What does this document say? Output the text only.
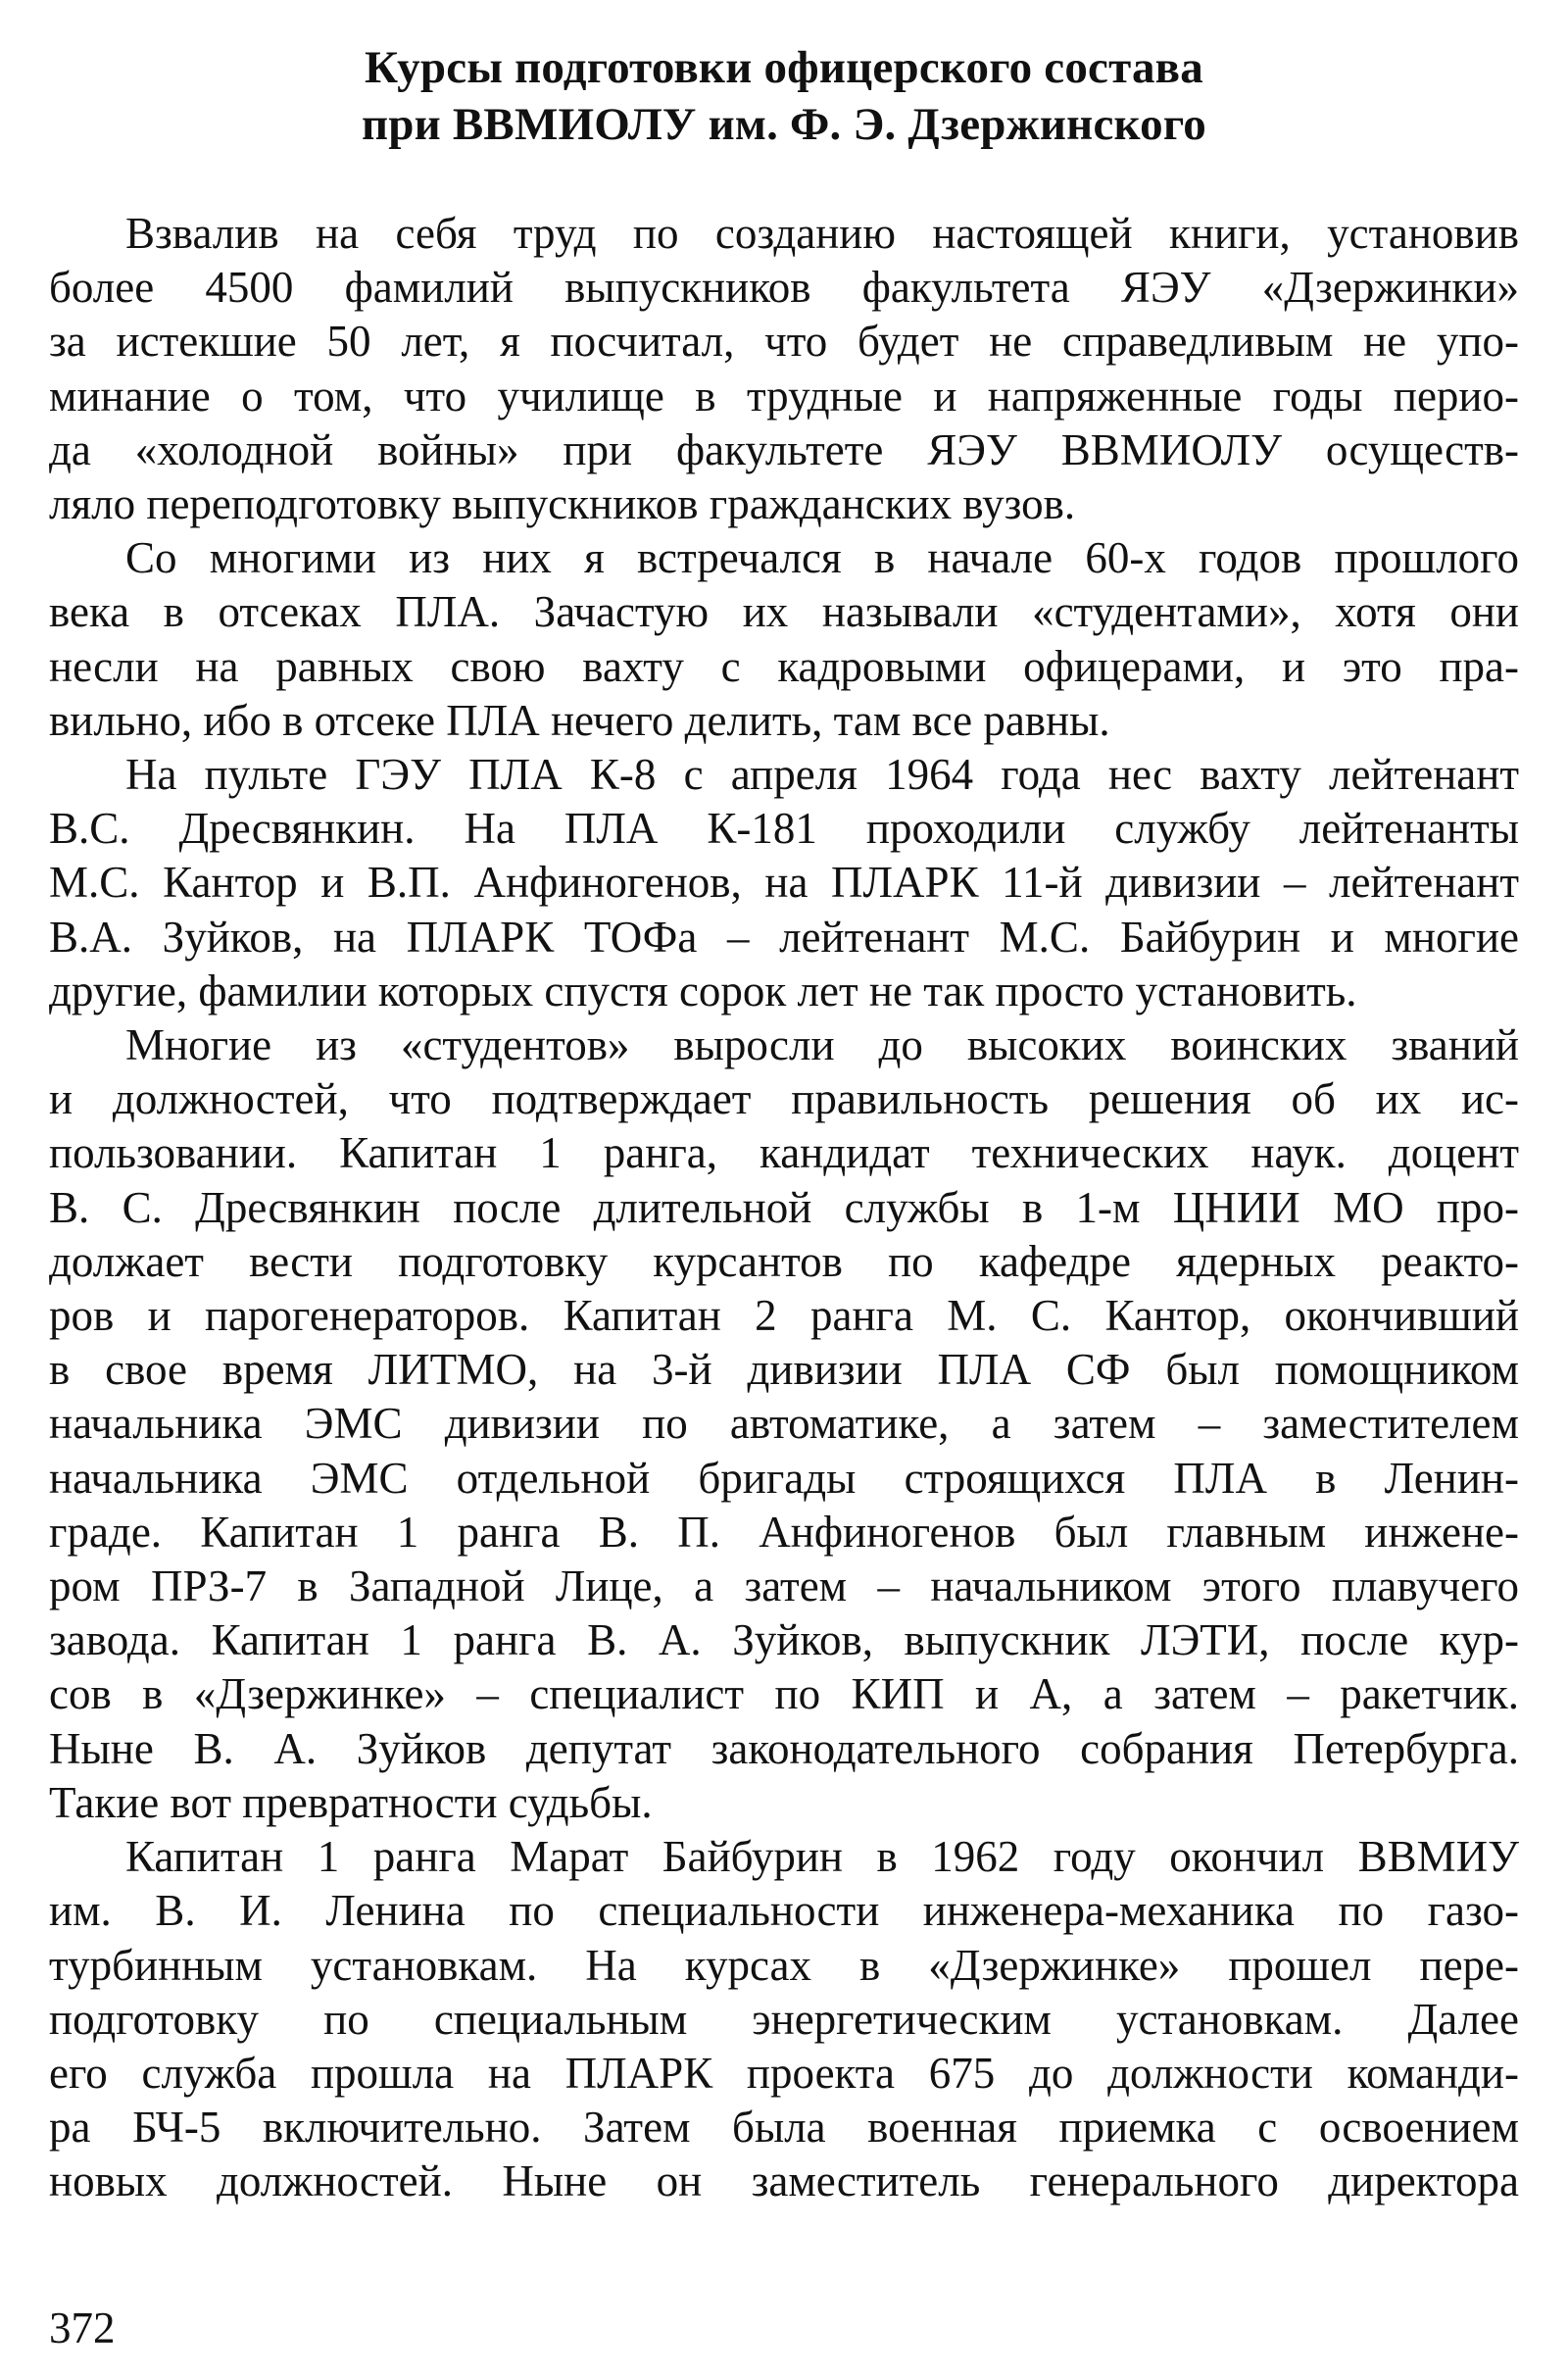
Курсы подготовки офицерского состава
при ВВМИОЛУ им. Ф. Э. Дзержинского

Взвалив на себя труд по созданию настоящей книги, установив
более 4500 фамилий выпускников факультета ЯЭУ «Дзержинки»
за истекшие 50 лет, я посчитал, что будет не справедливым не упо-
минание о том, что училище в трудные и напряженные годы перио-
да «холодной войны» при факультете ЯЭУ ВВМИОЛУ осуществ-
ляло переподготовку выпускников гражданских вузов.

Со многими из них я встречался в начале 60-х годов прошлого
века в отсеках ПЛА. Зачастую их называли «студентами», хотя они
несли на равных свою вахту с кадровыми офицерами, и это пра-
вильно, ибо в отсеке ПЛА нечего делить, там все равны.

На пульте ГЭУ ПЛА К-8 с апреля 1964 года нес вахту лейтенант
В.С. Дресвянкин. На ПЛА К-181 проходили службу лейтенанты
М.С. Кантор и В.П. Анфиногенов, на ПЛАРК 11-й дивизии – лейтенант
В.А. Зуйков, на ПЛАРК ТОФа – лейтенант М.С. Байбурин и многие
другие, фамилии которых спустя сорок лет не так просто установить.

Многие из «студентов» выросли до высоких воинских званий
и должностей, что подтверждает правильность решения об их ис-
пользовании. Капитан 1 ранга, кандидат технических наук. доцент
В. С. Дресвянкин после длительной службы в 1-м ЦНИИ МО про-
должает вести подготовку курсантов по кафедре ядерных реакто-
ров и парогенераторов. Капитан 2 ранга М. С. Кантор, окончивший
в свое время ЛИТМО, на 3-й дивизии ПЛА СФ был помощником
начальника ЭМС дивизии по автоматике, а затем – заместителем
начальника ЭМС отдельной бригады строящихся ПЛА в Ленин-
граде. Капитан 1 ранга В. П. Анфиногенов был главным инжене-
ром ПРЗ-7 в Западной Лице, а затем – начальником этого плавучего
завода. Капитан 1 ранга В. А. Зуйков, выпускник ЛЭТИ, после кур-
сов в «Дзержинке» – специалист по КИП и А, а затем – ракетчик.
Ныне В. А. Зуйков депутат законодательного собрания Петербурга.
Такие вот превратности судьбы.

Капитан 1 ранга Марат Байбурин в 1962 году окончил ВВМИУ
им. В. И. Ленина по специальности инженера-механика по газо-
турбинным установкам. На курсах в «Дзержинке» прошел пере-
подготовку по специальным энергетическим установкам. Далее
его служба прошла на ПЛАРК проекта 675 до должности команди-
ра БЧ-5 включительно. Затем была военная приемка с освоением
новых должностей. Ныне он заместитель генерального директора

372
